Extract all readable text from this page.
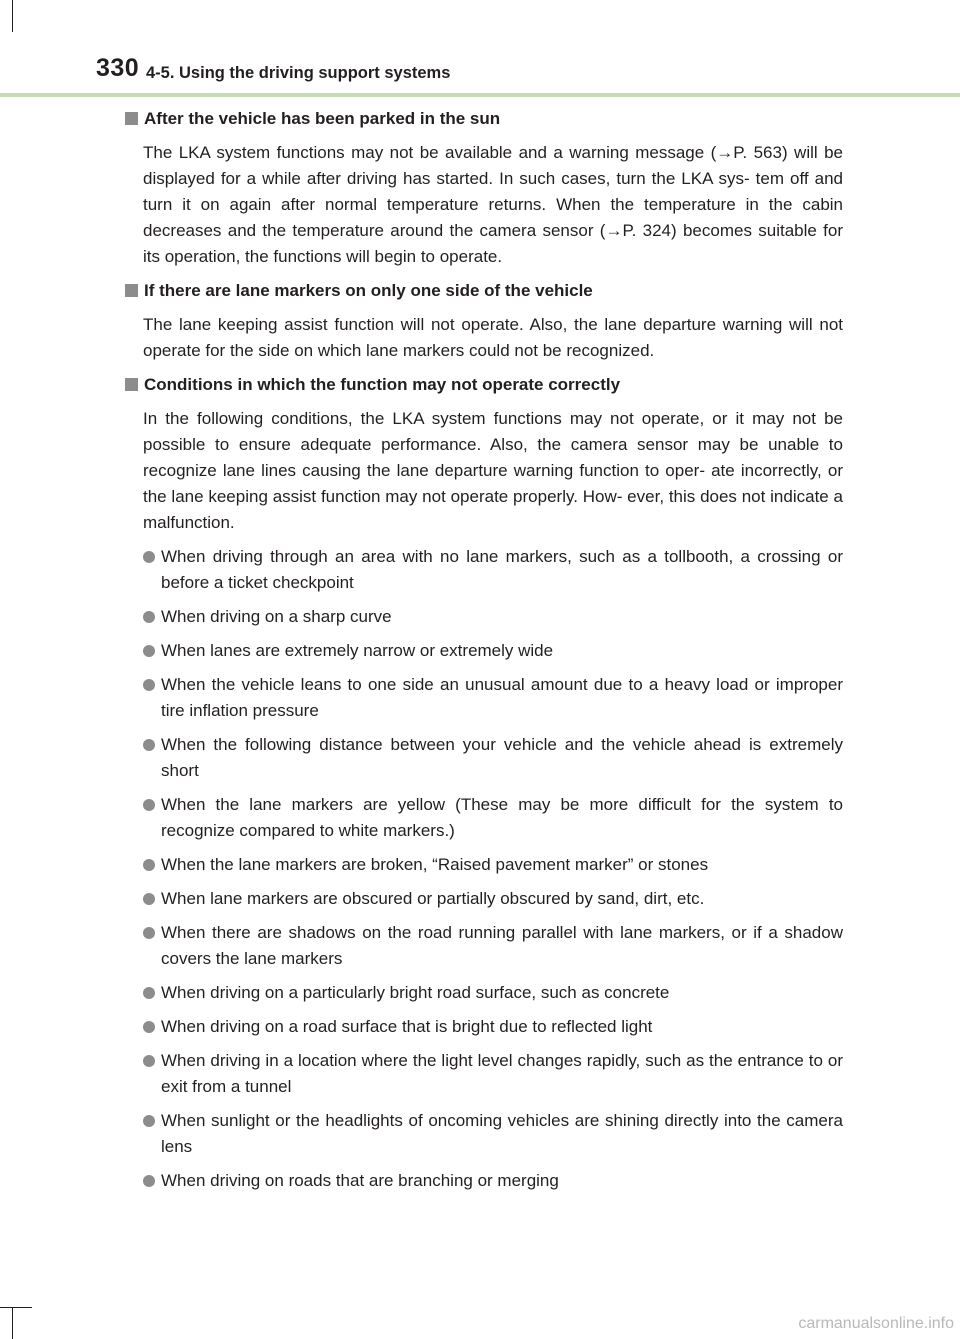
330 4-5. Using the driving support systems
After the vehicle has been parked in the sun

The LKA system functions may not be available and a warning message (→P. 563) will be displayed for a while after driving has started. In such cases, turn the LKA sys- tem off and turn it on again after normal temperature returns. When the temperature in the cabin decreases and the temperature around the camera sensor (→P. 324) becomes suitable for its operation, the functions will begin to operate.

If there are lane markers on only one side of the vehicle

The lane keeping assist function will not operate. Also, the lane departure warning will not operate for the side on which lane markers could not be recognized.

Conditions in which the function may not operate correctly

In the following conditions, the LKA system functions may not operate, or it may not be possible to ensure adequate performance. Also, the camera sensor may be unable to recognize lane lines causing the lane departure warning function to oper- ate incorrectly, or the lane keeping assist function may not operate properly. How- ever, this does not indicate a malfunction.

When driving through an area with no lane markers, such as a tollbooth, a crossing or before a ticket checkpoint
When driving on a sharp curve
When lanes are extremely narrow or extremely wide
When the vehicle leans to one side an unusual amount due to a heavy load or improper tire inflation pressure
When the following distance between your vehicle and the vehicle ahead is extremely short
When the lane markers are yellow (These may be more difficult for the system to recognize compared to white markers.)
When the lane markers are broken, “Raised pavement marker” or stones
When lane markers are obscured or partially obscured by sand, dirt, etc.
When there are shadows on the road running parallel with lane markers, or if a shadow covers the lane markers
When driving on a particularly bright road surface, such as concrete
When driving on a road surface that is bright due to reflected light
When driving in a location where the light level changes rapidly, such as the entrance to or exit from a tunnel
When sunlight or the headlights of oncoming vehicles are shining directly into the camera lens
When driving on roads that are branching or merging
carmanualsonline.info
